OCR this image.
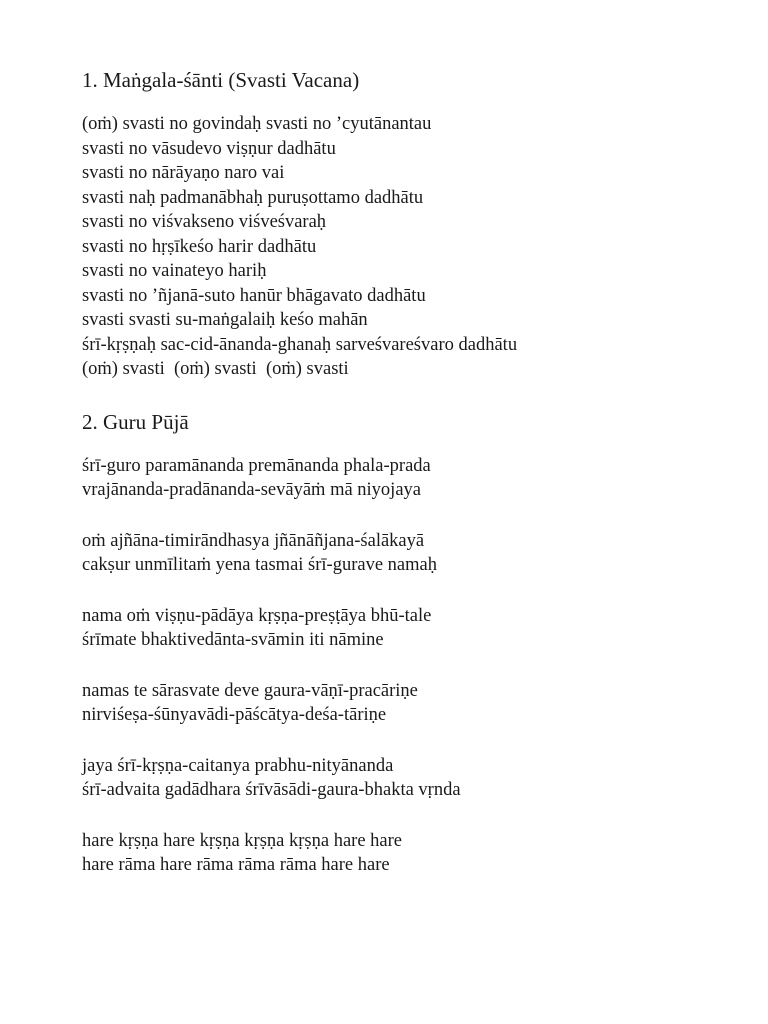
1. Maṅgala-śānti (Svasti Vacana)
(oṁ) svasti no govindaḥ svasti no ’cyutānantau
svasti no vāsudevo viṣṇur dadhātu
svasti no nārāyaṇo naro vai
svasti naḥ padmanābhaḥ puruṣottamo dadhātu
svasti no viśvakseno viśveśvaraḥ
svasti no hṛṣīkeśo harir dadhātu
svasti no vainateyo hariḥ
svasti no ’ñjanā-suto hanūr bhāgavato dadhātu
svasti svasti su-maṅgalaiḥ keśo mahān
śrī-kṛṣṇaḥ sac-cid-ānanda-ghanaḥ sarveśvareśvaro dadhātu
(oṁ) svasti  (oṁ) svasti  (oṁ) svasti
2. Guru Pūjā
śrī-guro paramānanda premānanda phala-prada
vrajānanda-pradānanda-sevāyāṁ mā niyojaya
oṁ ajñāna-timirāndhasya jñānāñjana-śalākayā
cakṣur unmīlitaṁ yena tasmai śrī-gurave namaḥ
nama oṁ viṣṇu-pādāya kṛṣṇa-preṣṭāya bhū-tale
śrīmate bhaktivedānta-svāmin iti nāmine
namas te sārasvate deve gaura-vāṇī-pracāriṇe
nirviśeṣa-śūnyavādi-pāścātya-deśa-tāriṇe
jaya śrī-kṛṣṇa-caitanya prabhu-nityānanda
śrī-advaita gadādhara śrīvāsādi-gaura-bhakta vṛnda
hare kṛṣṇa hare kṛṣṇa kṛṣṇa kṛṣṇa hare hare
hare rāma hare rāma rāma rāma hare hare
